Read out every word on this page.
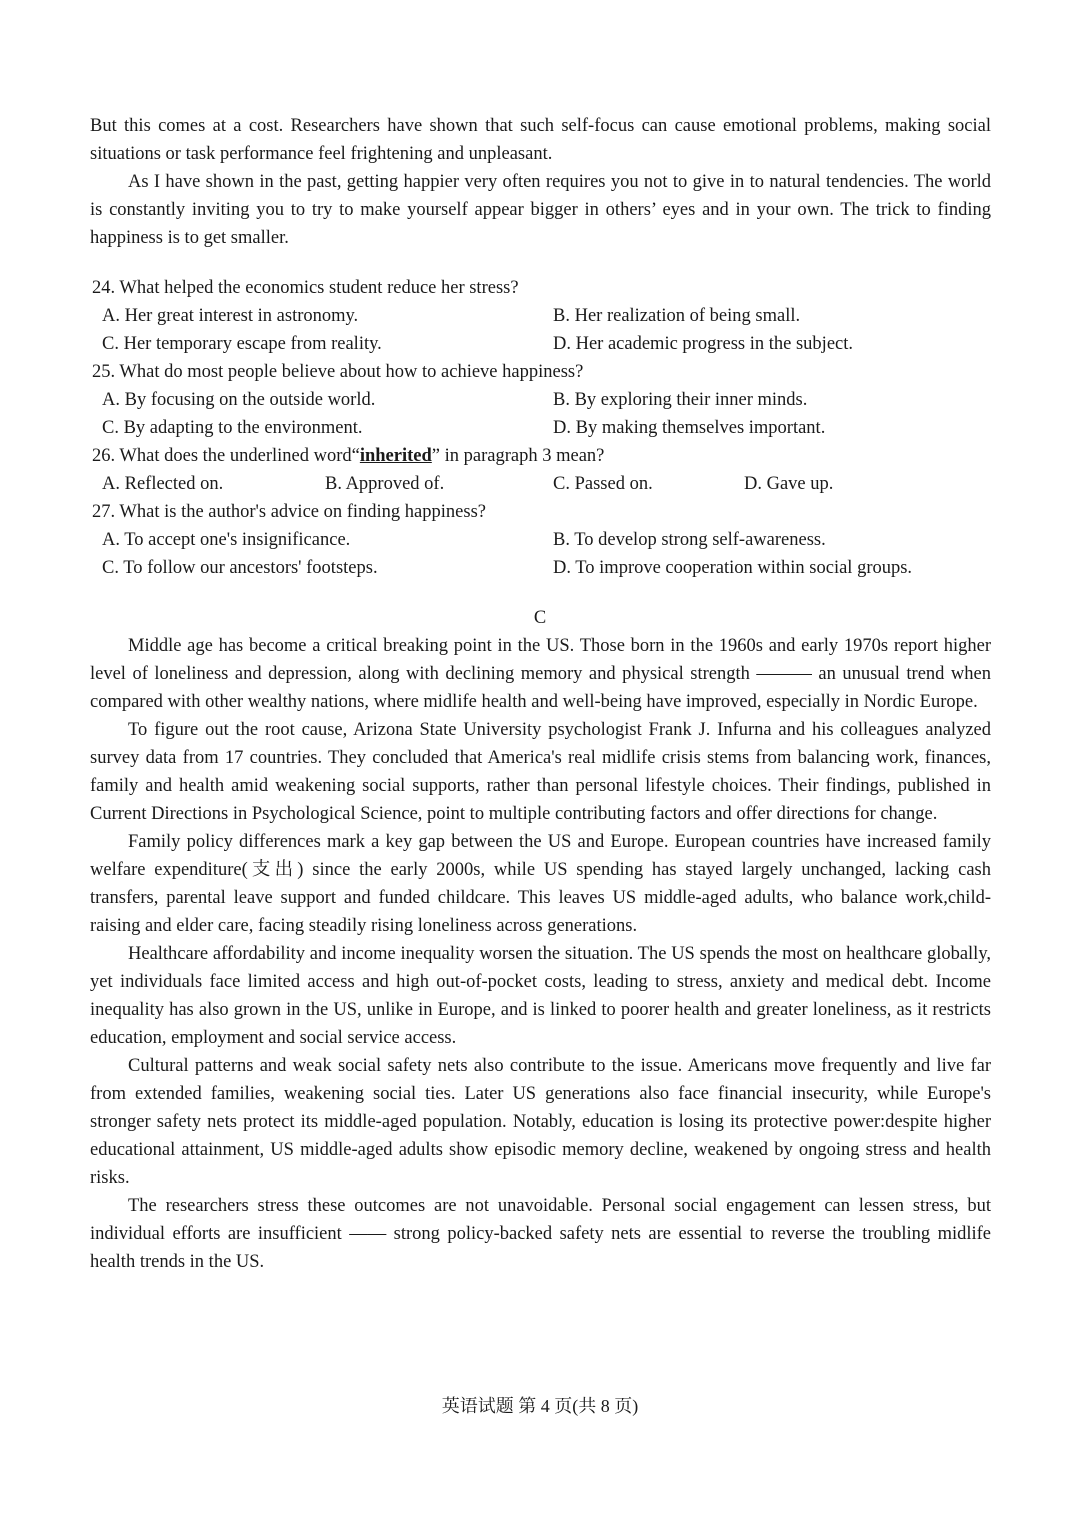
But this comes at a cost. Researchers have shown that such self-focus can cause emotional problems, making social situations or task performance feel frightening and unpleasant.

As I have shown in the past, getting happier very often requires you not to give in to natural tendencies. The world is constantly inviting you to try to make yourself appear bigger in others’ eyes and in your own. The trick to finding happiness is to get smaller.

24. What helped the economics student reduce her stress?
A. Her great interest in astronomy.	B. Her realization of being small.
C. Her temporary escape from reality.	D. Her academic progress in the subject.
25. What do most people believe about how to achieve happiness?
A. By focusing on the outside world.	B. By exploring their inner minds.
C. By adapting to the environment.	D. By making themselves important.
26. What does the underlined word“inherited” in paragraph 3 mean?
A. Reflected on.	B. Approved of.	C. Passed on.	D. Gave up.
27. What is the author's advice on finding happiness?
A. To accept one's insignificance.	B. To develop strong self-awareness.
C. To follow our ancestors' footsteps.	D. To improve cooperation within social groups.
C

Middle age has become a critical breaking point in the US. Those born in the 1960s and early 1970s report higher level of loneliness and depression, along with declining memory and physical strength ——— an unusual trend when compared with other wealthy nations, where midlife health and well-being have improved, especially in Nordic Europe.

To figure out the root cause, Arizona State University psychologist Frank J. Infurna and his colleagues analyzed survey data from 17 countries. They concluded that America's real midlife crisis stems from balancing work, finances, family and health amid weakening social supports, rather than personal lifestyle choices. Their findings, published in Current Directions in Psychological Science, point to multiple contributing factors and offer directions for change.

Family policy differences mark a key gap between the US and Europe. European countries have increased family welfare expenditure(支出) since the early 2000s, while US spending has stayed largely unchanged, lacking cash transfers, parental leave support and funded childcare. This leaves US middle-aged adults, who balance work,child-raising and elder care, facing steadily rising loneliness across generations.

Healthcare affordability and income inequality worsen the situation. The US spends the most on healthcare globally, yet individuals face limited access and high out-of-pocket costs, leading to stress, anxiety and medical debt. Income inequality has also grown in the US, unlike in Europe, and is linked to poorer health and greater loneliness, as it restricts education, employment and social service access.

Cultural patterns and weak social safety nets also contribute to the issue. Americans move frequently and live far from extended families, weakening social ties. Later US generations also face financial insecurity, while Europe's stronger safety nets protect its middle-aged population. Notably, education is losing its protective power:despite higher educational attainment, US middle-aged adults show episodic memory decline, weakened by ongoing stress and health risks.

The researchers stress these outcomes are not unavoidable. Personal social engagement can lessen stress, but individual efforts are insufficient —— strong policy-backed safety nets are essential to reverse the troubling midlife health trends in the US.

英语试题 第 4 页(共 8 页)
